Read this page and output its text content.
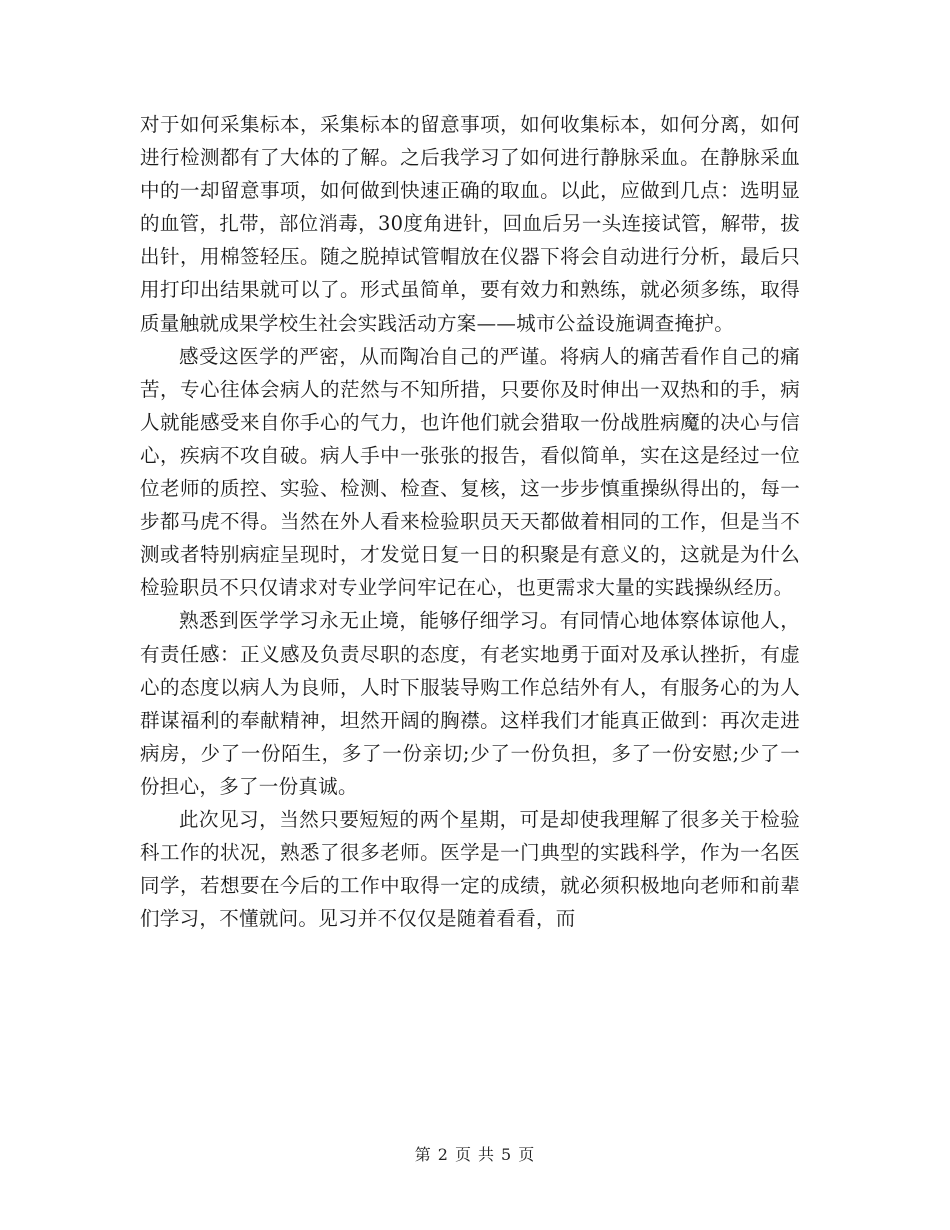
对于如何采集标本，采集标本的留意事项，如何收集标本，如何分离，如何进行检测都有了大体的了解。之后我学习了如何进行静脉采血。在静脉采血中的一却留意事项，如何做到快速正确的取血。以此，应做到几点：选明显的血管，扎带，部位消毒，30度角进针，回血后另一头连接试管，解带，拔出针，用棉签轻压。随之脱掉试管帽放在仪器下将会自动进行分析，最后只用打印出结果就可以了。形式虽简单，要有效力和熟练，就必须多练，取得质量触就成果学校生社会实践活动方案——城市公益设施调查掩护。

感受这医学的严密，从而陶冶自己的严谨。将病人的痛苦看作自己的痛苦，专心往体会病人的茫然与不知所措，只要你及时伸出一双热和的手，病人就能感受来自你手心的气力，也许他们就会猎取一份战胜病魔的决心与信心，疾病不攻自破。病人手中一张张的报告，看似简单，实在这是经过一位位老师的质控、实验、检测、检查、复核，这一步步慎重操纵得出的，每一步都马虎不得。当然在外人看来检验职员天天都做着相同的工作，但是当不测或者特别病症呈现时，才发觉日复一日的积聚是有意义的，这就是为什么检验职员不只仅请求对专业学问牢记在心，也更需求大量的实践操纵经历。

熟悉到医学学习永无止境，能够仔细学习。有同情心地体察体谅他人，有责任感：正义感及负责尽职的态度，有老实地勇于面对及承认挫折，有虚心的态度以病人为良师，人时下服装导购工作总结外有人，有服务心的为人群谋福利的奉献精神，坦然开阔的胸襟。这样我们才能真正做到：再次走进病房，少了一份陌生，多了一份亲切;少了一份负担，多了一份安慰;少了一份担心，多了一份真诚。

此次见习，当然只要短短的两个星期，可是却使我理解了很多关于检验科工作的状况，熟悉了很多老师。医学是一门典型的实践科学，作为一名医同学，若想要在今后的工作中取得一定的成绩，就必须积极地向老师和前辈们学习，不懂就问。见习并不仅仅是随着看看，而

第 2 页 共 5 页
